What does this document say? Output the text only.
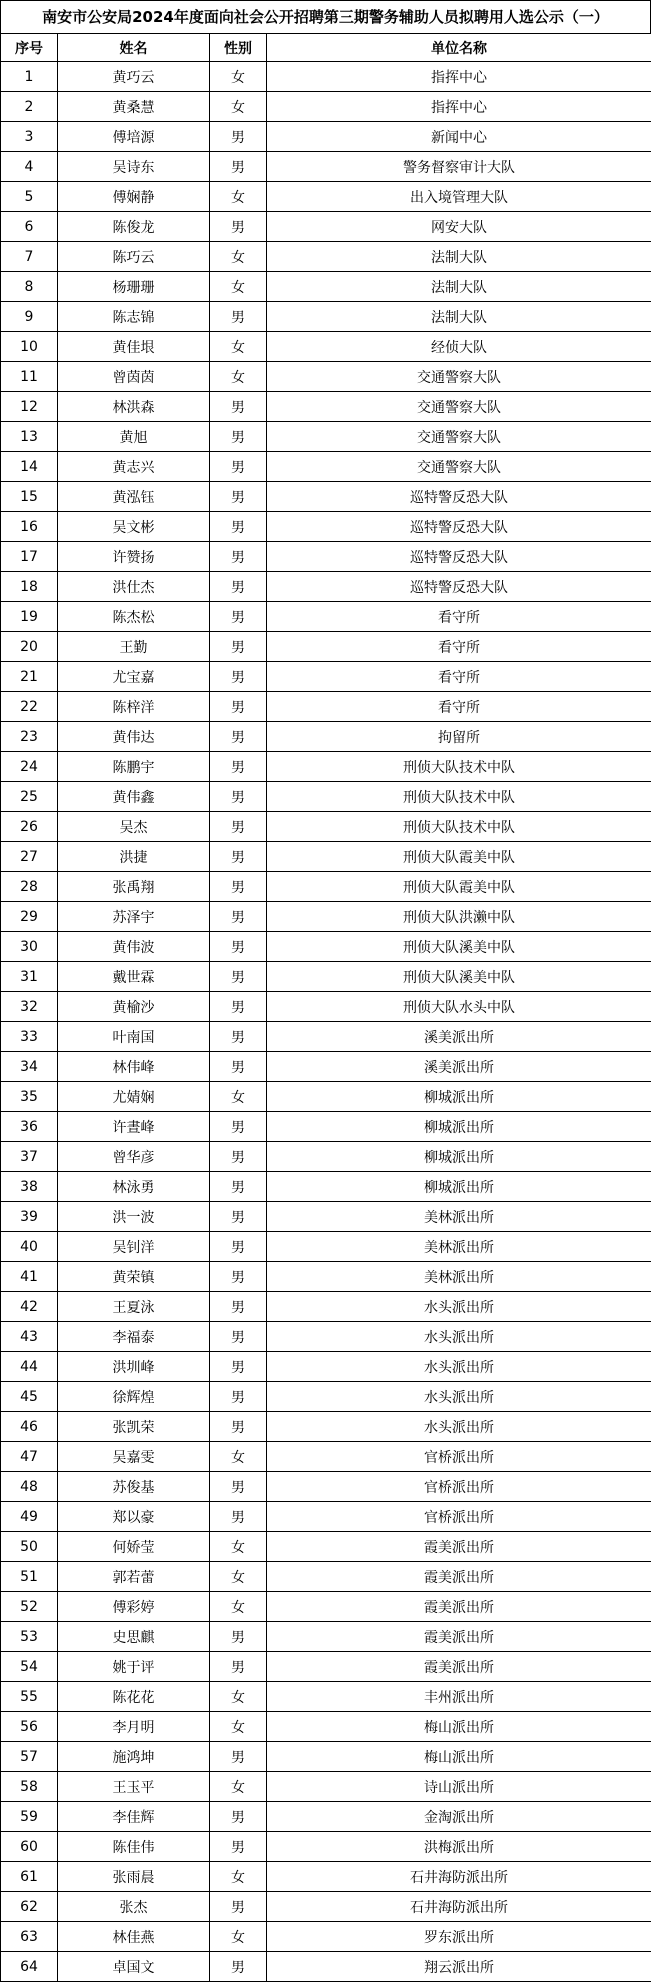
南安市公安局2024年度面向社会公开招聘第三期警务辅助人员拟聘用人选公示（一）
序号	姓名	性别	单位名称
1	黄巧云	女	指挥中心
2	黄桑慧	女	指挥中心
3	傅培源	男	新闻中心
4	吴诗东	男	警务督察审计大队
5	傅娴静	女	出入境管理大队
6	陈俊龙	男	网安大队
7	陈巧云	女	法制大队
8	杨珊珊	女	法制大队
9	陈志锦	男	法制大队
10	黄佳垠	女	经侦大队
11	曾茵茵	女	交通警察大队
12	林洪森	男	交通警察大队
13	黄旭	男	交通警察大队
14	黄志兴	男	交通警察大队
15	黄泓钰	男	巡特警反恐大队
16	吴文彬	男	巡特警反恐大队
17	许赞扬	男	巡特警反恐大队
18	洪仕杰	男	巡特警反恐大队
19	陈杰松	男	看守所
20	王勤	男	看守所
21	尤宝嘉	男	看守所
22	陈梓洋	男	看守所
23	黄伟达	男	拘留所
24	陈鹏宇	男	刑侦大队技术中队
25	黄伟鑫	男	刑侦大队技术中队
26	吴杰	男	刑侦大队技术中队
27	洪捷	男	刑侦大队霞美中队
28	张禹翔	男	刑侦大队霞美中队
29	苏泽宇	男	刑侦大队洪濑中队
30	黄伟波	男	刑侦大队溪美中队
31	戴世霖	男	刑侦大队溪美中队
32	黄榆沙	男	刑侦大队水头中队
33	叶南国	男	溪美派出所
34	林伟峰	男	溪美派出所
35	尤婧娴	女	柳城派出所
36	许晝峰	男	柳城派出所
37	曾华彦	男	柳城派出所
38	林泳勇	男	柳城派出所
39	洪一波	男	美林派出所
40	吴钊洋	男	美林派出所
41	黄荣镇	男	美林派出所
42	王夏泳	男	水头派出所
43	李福泰	男	水头派出所
44	洪圳峰	男	水头派出所
45	徐辉煌	男	水头派出所
46	张凯荣	男	水头派出所
47	吴嘉雯	女	官桥派出所
48	苏俊基	男	官桥派出所
49	郑以豪	男	官桥派出所
50	何娇莹	女	霞美派出所
51	郭若蕾	女	霞美派出所
52	傅彩婷	女	霞美派出所
53	史思麒	男	霞美派出所
54	姚于评	男	霞美派出所
55	陈花花	女	丰州派出所
56	李月明	女	梅山派出所
57	施鸿坤	男	梅山派出所
58	王玉平	女	诗山派出所
59	李佳辉	男	金淘派出所
60	陈佳伟	男	洪梅派出所
61	张雨晨	女	石井海防派出所
62	张杰	男	石井海防派出所
63	林佳燕	女	罗东派出所
64	卓国文	男	翔云派出所
